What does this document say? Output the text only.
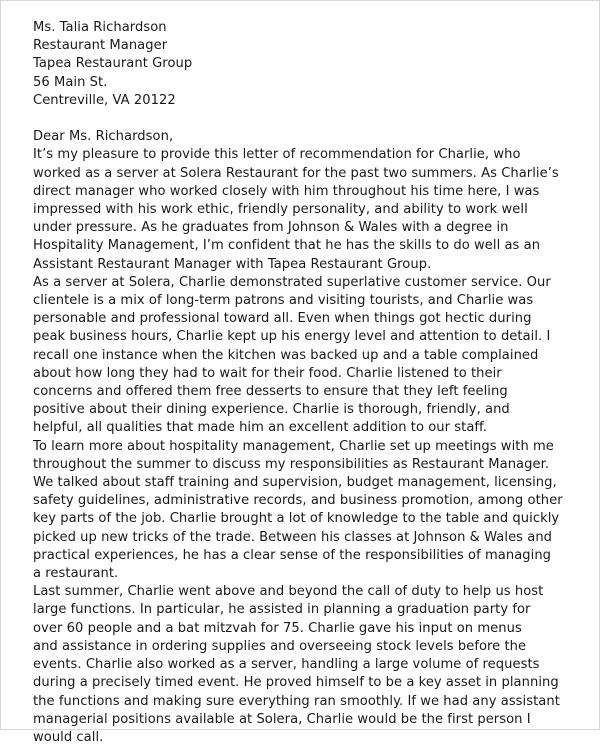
Ms. Talia Richardson
Restaurant Manager
Tapea Restaurant Group
56 Main St.
Centreville, VA 20122
Dear Ms. Richardson,
It’s my pleasure to provide this letter of recommendation for Charlie, who
worked as a server at Solera Restaurant for the past two summers. As Charlie’s
direct manager who worked closely with him throughout his time here, I was
impressed with his work ethic, friendly personality, and ability to work well
under pressure. As he graduates from Johnson & Wales with a degree in
Hospitality Management, I’m confident that he has the skills to do well as an
Assistant Restaurant Manager with Tapea Restaurant Group.
As a server at Solera, Charlie demonstrated superlative customer service. Our
clientele is a mix of long-term patrons and visiting tourists, and Charlie was
personable and professional toward all. Even when things got hectic during
peak business hours, Charlie kept up his energy level and attention to detail. I
recall one instance when the kitchen was backed up and a table complained
about how long they had to wait for their food. Charlie listened to their
concerns and offered them free desserts to ensure that they left feeling
positive about their dining experience. Charlie is thorough, friendly, and
helpful, all qualities that made him an excellent addition to our staff.
To learn more about hospitality management, Charlie set up meetings with me
throughout the summer to discuss my responsibilities as Restaurant Manager.
We talked about staff training and supervision, budget management, licensing,
safety guidelines, administrative records, and business promotion, among other
key parts of the job. Charlie brought a lot of knowledge to the table and quickly
picked up new tricks of the trade. Between his classes at Johnson & Wales and
practical experiences, he has a clear sense of the responsibilities of managing
a restaurant.
Last summer, Charlie went above and beyond the call of duty to help us host
large functions. In particular, he assisted in planning a graduation party for
over 60 people and a bat mitzvah for 75. Charlie gave his input on menus
and assistance in ordering supplies and overseeing stock levels before the
events. Charlie also worked as a server, handling a large volume of requests
during a precisely timed event. He proved himself to be a key asset in planning
the functions and making sure everything ran smoothly. If we had any assistant
managerial positions available at Solera, Charlie would be the first person I
would call.
